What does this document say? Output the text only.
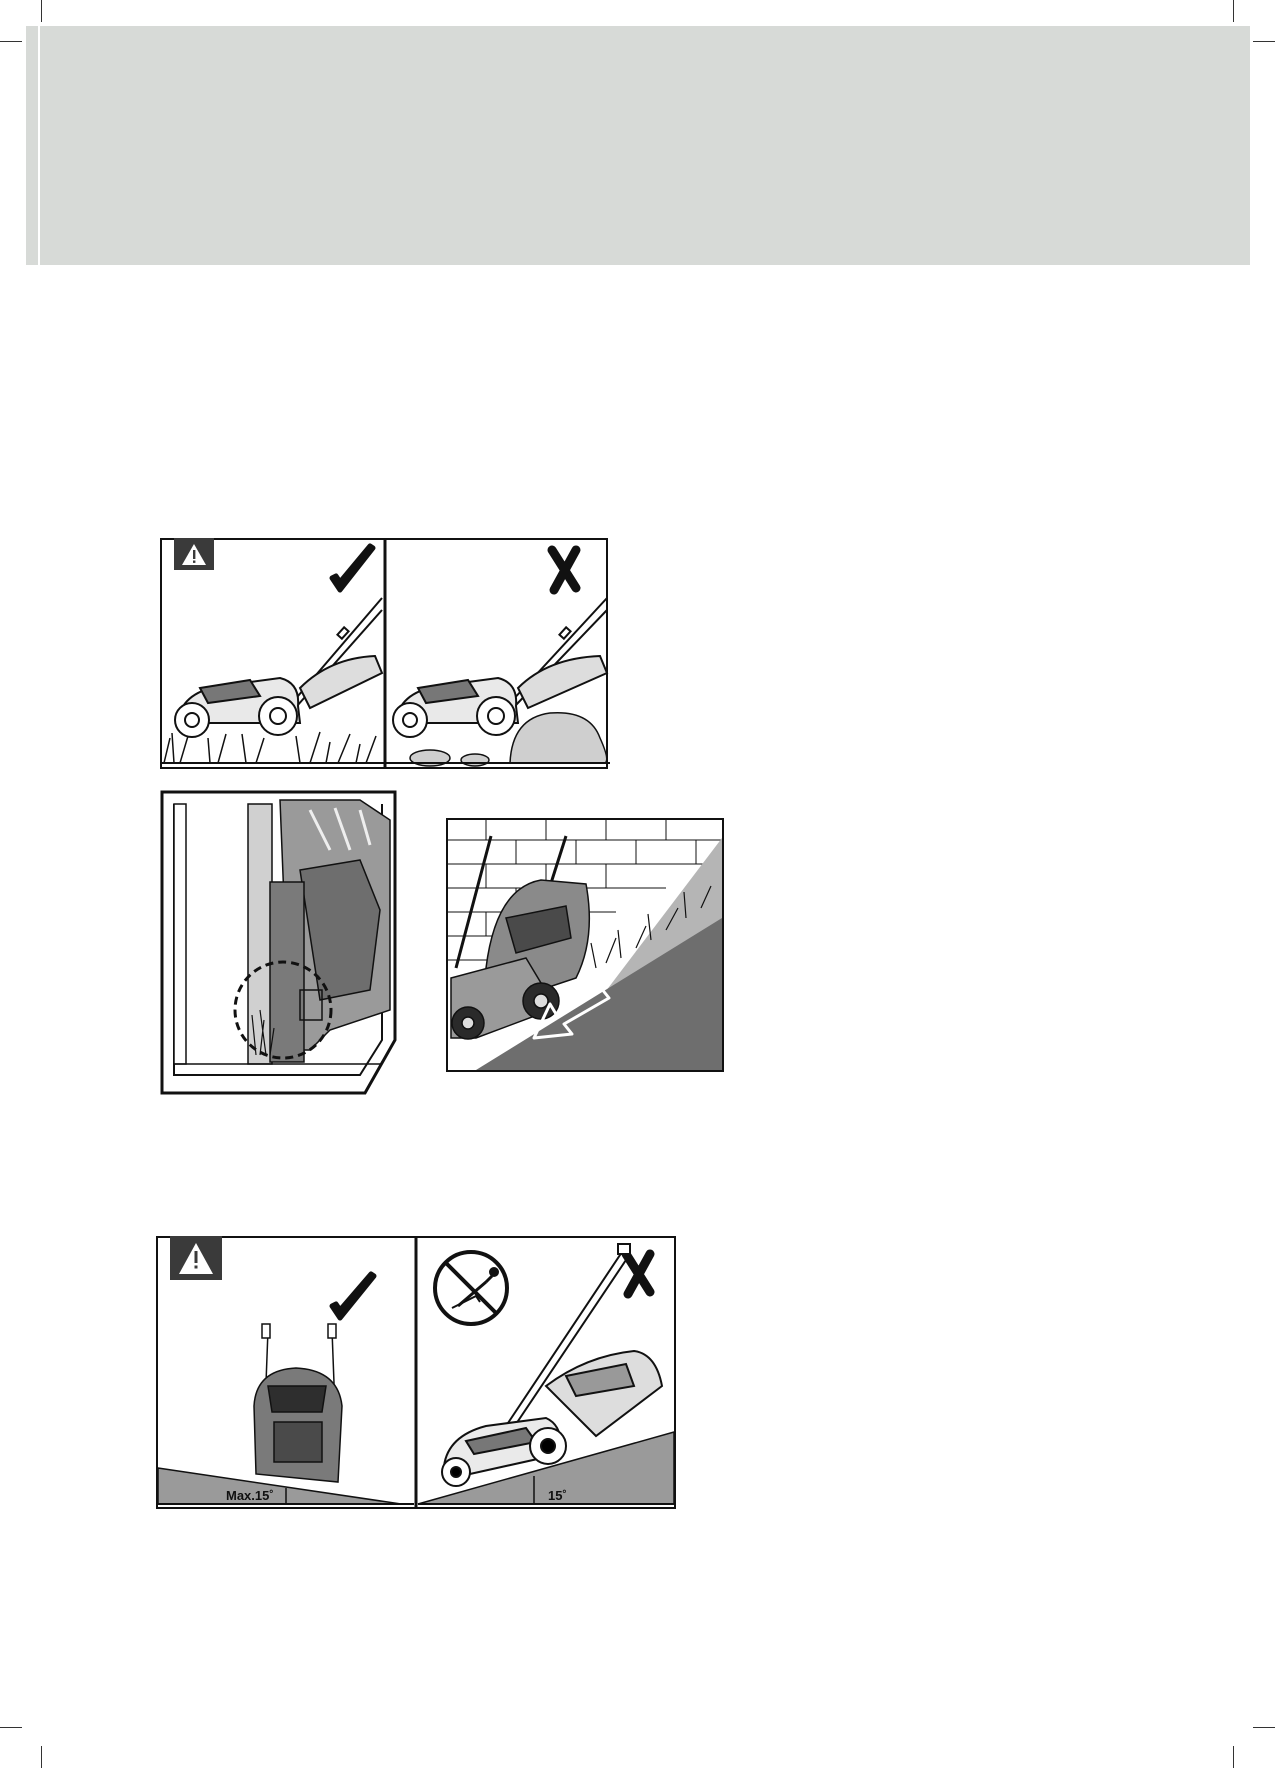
Max.15˚	15˚
